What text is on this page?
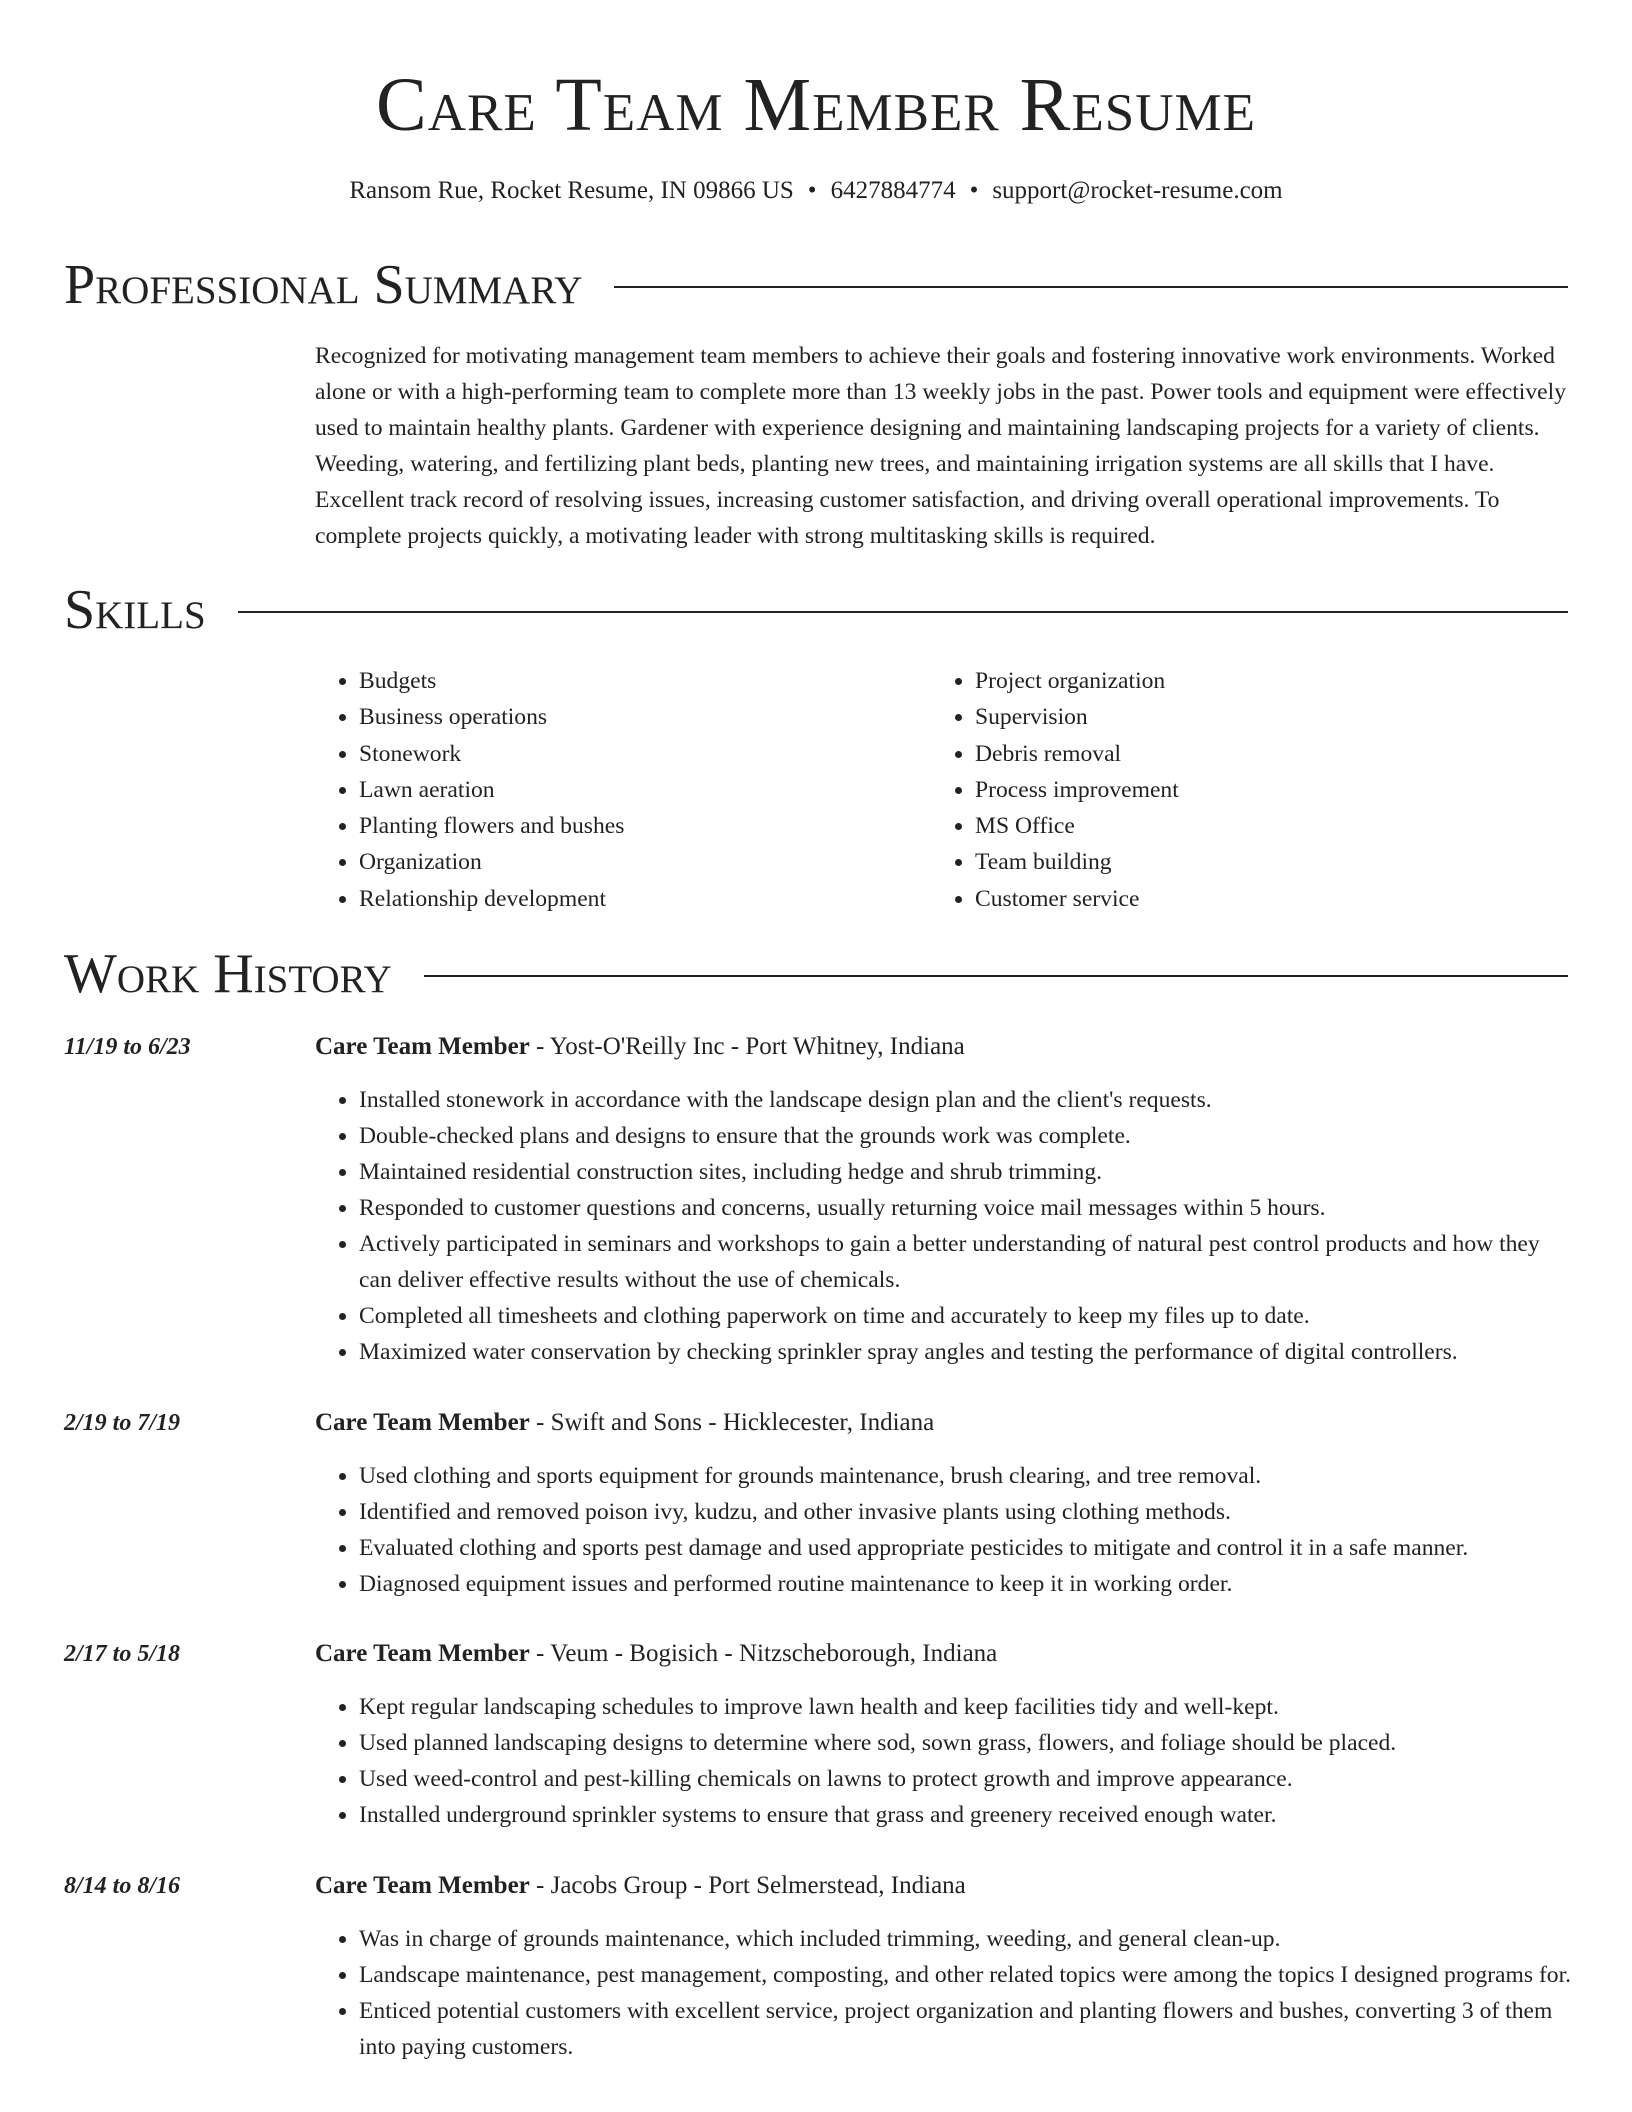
Care Team Member Resume
Ransom Rue, Rocket Resume, IN 09866 US • 6427884774 • support@rocket-resume.com
Professional Summary

Recognized for motivating management team members to achieve their goals and fostering innovative work environments. Worked alone or with a high-performing team to complete more than 13 weekly jobs in the past. Power tools and equipment were effectively used to maintain healthy plants. Gardener with experience designing and maintaining landscaping projects for a variety of clients. Weeding, watering, and fertilizing plant beds, planting new trees, and maintaining irrigation systems are all skills that I have. Excellent track record of resolving issues, increasing customer satisfaction, and driving overall operational improvements. To complete projects quickly, a motivating leader with strong multitasking skills is required.

Skills
• Budgets
• Business operations
• Stonework
• Lawn aeration
• Planting flowers and bushes
• Organization
• Relationship development
• Project organization
• Supervision
• Debris removal
• Process improvement
• MS Office
• Team building
• Customer service
Work History
11/19 to 6/23	Care Team Member - Yost-O'Reilly Inc - Port Whitney, Indiana
• Installed stonework in accordance with the landscape design plan and the client's requests.
• Double-checked plans and designs to ensure that the grounds work was complete.
• Maintained residential construction sites, including hedge and shrub trimming.
• Responded to customer questions and concerns, usually returning voice mail messages within 5 hours.
• Actively participated in seminars and workshops to gain a better understanding of natural pest control products and how they can deliver effective results without the use of chemicals.
• Completed all timesheets and clothing paperwork on time and accurately to keep my files up to date.
• Maximized water conservation by checking sprinkler spray angles and testing the performance of digital controllers.
2/19 to 7/19	Care Team Member - Swift and Sons - Hicklecester, Indiana
• Used clothing and sports equipment for grounds maintenance, brush clearing, and tree removal.
• Identified and removed poison ivy, kudzu, and other invasive plants using clothing methods.
• Evaluated clothing and sports pest damage and used appropriate pesticides to mitigate and control it in a safe manner.
• Diagnosed equipment issues and performed routine maintenance to keep it in working order.
2/17 to 5/18	Care Team Member - Veum - Bogisich - Nitzscheborough, Indiana
• Kept regular landscaping schedules to improve lawn health and keep facilities tidy and well-kept.
• Used planned landscaping designs to determine where sod, sown grass, flowers, and foliage should be placed.
• Used weed-control and pest-killing chemicals on lawns to protect growth and improve appearance.
• Installed underground sprinkler systems to ensure that grass and greenery received enough water.
8/14 to 8/16	Care Team Member - Jacobs Group - Port Selmerstead, Indiana
• Was in charge of grounds maintenance, which included trimming, weeding, and general clean-up.
• Landscape maintenance, pest management, composting, and other related topics were among the topics I designed programs for.
• Enticed potential customers with excellent service, project organization and planting flowers and bushes, converting 3 of them into paying customers.
